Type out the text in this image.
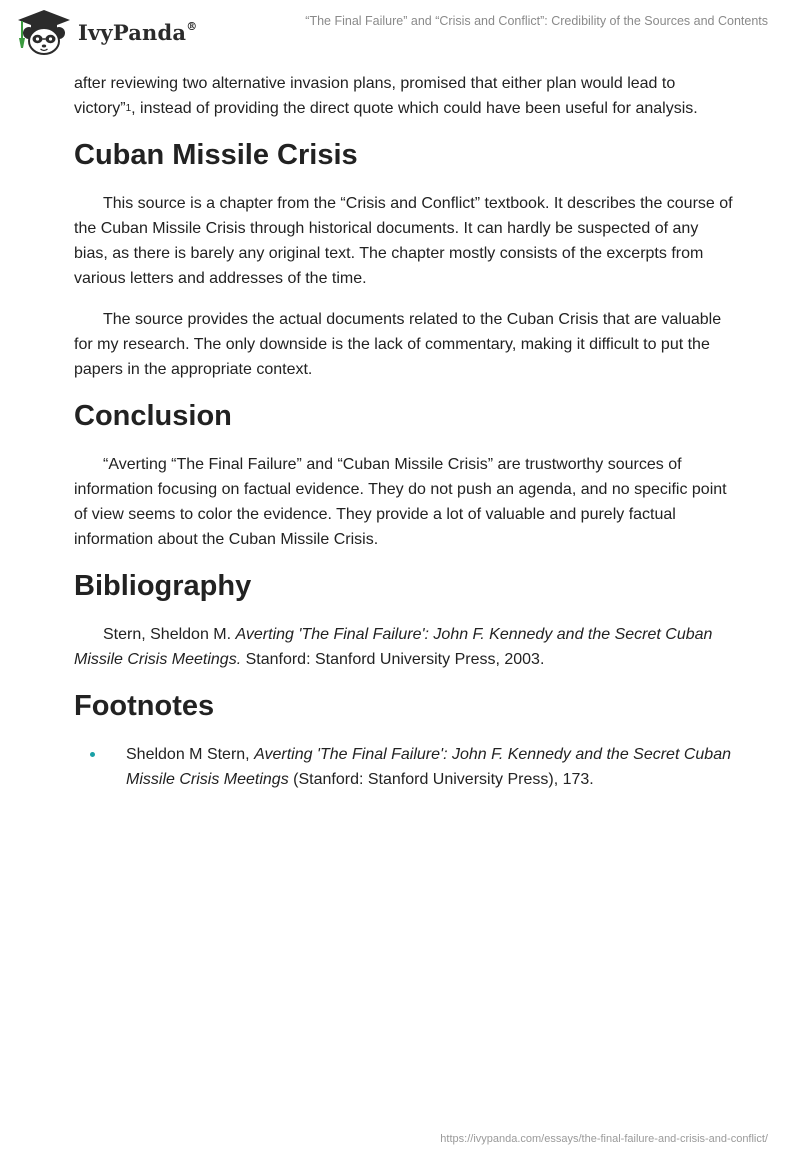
IvyPanda®	“The Final Failure” and “Crisis and Conflict”: Credibility of the Sources and Contents

after reviewing two alternative invasion plans, promised that either plan would lead to victory”$^1$, instead of providing the direct quote which could have been useful for analysis.

Cuban Missile Crisis

This source is a chapter from the “Crisis and Conflict” textbook. It describes the course of the Cuban Missile Crisis through historical documents. It can hardly be suspected of any bias, as there is barely any original text. The chapter mostly consists of the excerpts from various letters and addresses of the time.

The source provides the actual documents related to the Cuban Crisis that are valuable for my research. The only downside is the lack of commentary, making it difficult to put the papers in the appropriate context.

Conclusion

“Averting “The Final Failure” and “Cuban Missile Crisis” are trustworthy sources of information focusing on factual evidence. They do not push an agenda, and no specific point of view seems to color the evidence. They provide a lot of valuable and purely factual information about the Cuban Missile Crisis.

Bibliography

Stern, Sheldon M. Averting 'The Final Failure': John F. Kennedy and the Secret Cuban Missile Crisis Meetings. Stanford: Stanford University Press, 2003.

Footnotes
Sheldon M Stern, Averting 'The Final Failure': John F. Kennedy and the Secret Cuban Missile Crisis Meetings (Stanford: Stanford University Press), 173.
https://ivypanda.com/essays/the-final-failure-and-crisis-and-conflict/
